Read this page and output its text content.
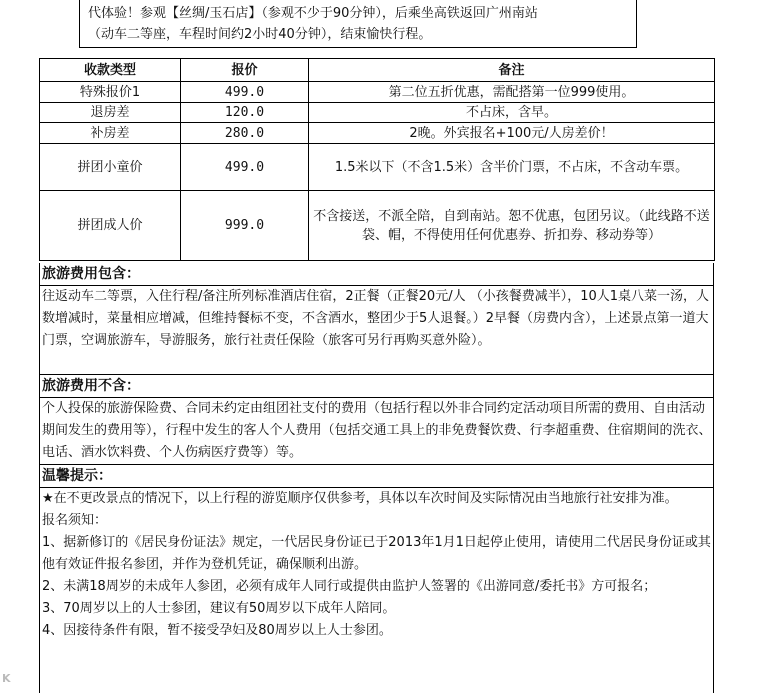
代体验！参观【丝绸/玉石店】（参观不少于90分钟），后乘坐高铁返回广州南站
（动车二等座，车程时间约2小时40分钟），结束愉快行程。
收款类型	报价	备注
特殊报价1	499.0	第二位五折优惠，需配搭第一位999使用。
退房差	120.0	不占床，含早。
补房差	280.0	2晚。外宾报名+100元/人房差价！
拼团小童价	499.0	1.5米以下（不含1.5米）含半价门票，不占床，不含动车票。
拼团成人价	999.0	不含接送，不派全陪，自到南站。恕不优惠，包团另议。（此线路不送袋、帽，不得使用任何优惠券、折扣券、移动券等）
旅游费用包含：
往返动车二等票，入住行程/备注所列标准酒店住宿，2正餐（正餐20元/人 （小孩餐费减半），10人1桌八菜一汤，人数增减时，菜量相应增减，但维持餐标不变，不含酒水，整团少于5人退餐。）2早餐（房费内含），上述景点第一道大门票，空调旅游车，导游服务，旅行社责任保险（旅客可另行再购买意外险）。
旅游费用不含：
个人投保的旅游保险费、合同未约定由组团社支付的费用（包括行程以外非合同约定活动项目所需的费用、自由活动期间发生的费用等），行程中发生的客人个人费用（包括交通工具上的非免费餐饮费、行李超重费、住宿期间的洗衣、电话、酒水饮料费、个人伤病医疗费等）等。
温馨提示：

★在不更改景点的情况下，以上行程的游览顺序仅供参考，具体以车次时间及实际情况由当地旅行社安排为准。

报名须知：

1、据新修订的《居民身份证法》规定，一代居民身份证已于2013年1月1日起停止使用，请使用二代居民身份证或其他有效证件报名参团，并作为登机凭证，确保顺利出游。

2、未满18周岁的未成年人参团，必须有成年人同行或提供由监护人签署的《出游同意/委托书》方可报名；

3、70周岁以上的人士参团，建议有50周岁以下成年人陪同。

4、因接待条件有限，暂不接受孕妇及80周岁以上人士参团。

K
